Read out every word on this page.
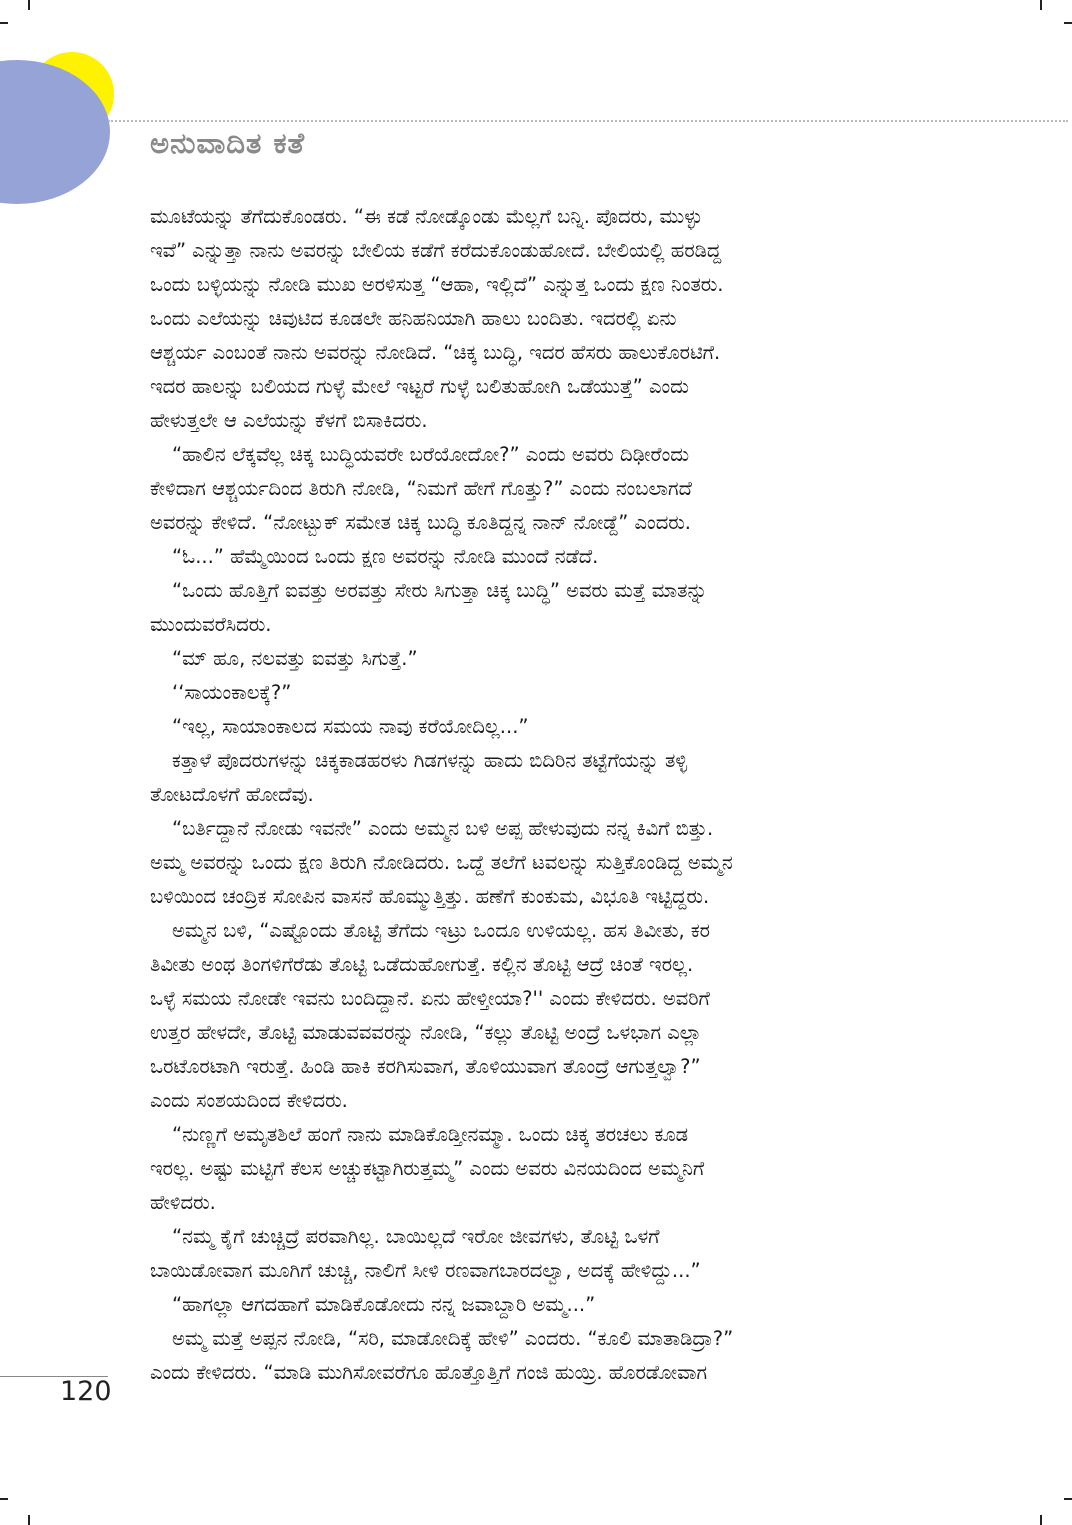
ಅನುವಾದಿತ ಕತೆ
ಮೂಟೆಯನ್ನು ತೆಗೆದುಕೊಂಡರು. “ಈ ಕಡೆ ನೋಡ್ಕೊಂಡು ಮೆಲ್ಲಗೆ ಬನ್ನಿ. ಪೊದರು, ಮುಳ್ಳು
ಇವೆ” ಎನ್ನುತ್ತಾ ನಾನು ಅವರನ್ನು ಬೇಲಿಯ ಕಡೆಗೆ ಕರೆದುಕೊಂಡುಹೋದೆ. ಬೇಲಿಯಲ್ಲಿ ಹರಡಿದ್ದ
ಒಂದು ಬಳ್ಳಿಯನ್ನು ನೋಡಿ ಮುಖ ಅರಳಿಸುತ್ತ “ಆಹಾ, ಇಲ್ಲಿದೆ” ಎನ್ನುತ್ತ ಒಂದು ಕ್ಷಣ ನಿಂತರು.
ಒಂದು ಎಲೆಯನ್ನು ಚಿವುಟಿದ ಕೂಡಲೇ ಹನಿಹನಿಯಾಗಿ ಹಾಲು ಬಂದಿತು. ಇದರಲ್ಲಿ ಏನು
ಆಶ್ಚರ್ಯ ಎಂಬಂತೆ ನಾನು ಅವರನ್ನು ನೋಡಿದೆ. “ಚಿಕ್ಕ ಬುದ್ಧಿ, ಇದರ ಹೆಸರು ಹಾಲುಕೊರಟಿಗೆ.
ಇದರ ಹಾಲನ್ನು ಬಲಿಯದ ಗುಳ್ಳೆ ಮೇಲೆ ಇಟ್ಟರೆ ಗುಳ್ಳೆ ಬಲಿತುಹೋಗಿ ಒಡೆಯುತ್ತೆ” ಎಂದು
ಹೇಳುತ್ತಲೇ ಆ ಎಲೆಯನ್ನು ಕೆಳಗೆ ಬಿಸಾಕಿದರು.
“ಹಾಲಿನ ಲೆಕ್ಕವೆಲ್ಲ ಚಿಕ್ಕ ಬುದ್ಧಿಯವರೇ ಬರೆಯೋದೋ?” ಎಂದು ಅವರು ದಿಢೀರೆಂದು
ಕೇಳಿದಾಗ ಆಶ್ಚರ್ಯದಿಂದ ತಿರುಗಿ ನೋಡಿ, “ನಿಮಗೆ ಹೇಗೆ ಗೊತ್ತು?” ಎಂದು ನಂಬಲಾಗದೆ
ಅವರನ್ನು ಕೇಳಿದೆ. “ನೋಟ್ಬುಕ್ ಸಮೇತ ಚಿಕ್ಕ ಬುದ್ಧಿ ಕೂತಿದ್ದನ್ನ ನಾನ್ ನೋಡ್ದೆ” ಎಂದರು.
“ಓ...” ಹೆಮ್ಮೆಯಿಂದ ಒಂದು ಕ್ಷಣ ಅವರನ್ನು ನೋಡಿ ಮುಂದೆ ನಡೆದೆ.
“ಒಂದು ಹೊತ್ತಿಗೆ ಐವತ್ತು ಅರವತ್ತು ಸೇರು ಸಿಗುತ್ತಾ ಚಿಕ್ಕ ಬುದ್ಧಿ” ಅವರು ಮತ್ತೆ ಮಾತನ್ನು
ಮುಂದುವರೆಸಿದರು.
“ಮ್ ಹೂ, ನಲವತ್ತು ಐವತ್ತು ಸಿಗುತ್ತೆ.”
‘‘ಸಾಯಂಕಾಲಕ್ಕೆ?”
“ಇಲ್ಲ, ಸಾಯಾಂಕಾಲದ ಸಮಯ ನಾವು ಕರೆಯೋದಿಲ್ಲ...”
ಕತ್ತಾಳೆ ಪೊದರುಗಳನ್ನು ಚಿಕ್ಕಕಾಡಹರಳು ಗಿಡಗಳನ್ನು ಹಾದು ಬಿದಿರಿನ ತಟ್ಟೆಗೆಯನ್ನು ತಳ್ಳಿ
ತೋಟದೊಳಗೆ ಹೋದೆವು.
“ಬರ್ತಿದ್ದಾನೆ ನೋಡು ಇವನೇ” ಎಂದು ಅಮ್ಮನ ಬಳಿ ಅಪ್ಪ ಹೇಳುವುದು ನನ್ನ ಕಿವಿಗೆ ಬಿತ್ತು.
ಅಮ್ಮ ಅವರನ್ನು ಒಂದು ಕ್ಷಣ ತಿರುಗಿ ನೋಡಿದರು. ಒದ್ದೆ ತಲೆಗೆ ಟವಲನ್ನು ಸುತ್ತಿಕೊಂಡಿದ್ದ ಅಮ್ಮನ
ಬಳಿಯಿಂದ ಚಂದ್ರಿಕ ಸೋಪಿನ ವಾಸನೆ ಹೊಮ್ಮುತ್ತಿತ್ತು. ಹಣೆಗೆ ಕುಂಕುಮ, ವಿಭೂತಿ ಇಟ್ಟಿದ್ದರು.
ಅಮ್ಮನ ಬಳಿ, “ಎಷ್ಟೊಂದು ತೊಟ್ಟಿ ತೆಗೆದು ಇಟ್ರು ಒಂದೂ ಉಳಿಯಲ್ಲ. ಹಸ ತಿವೀತು, ಕರ
ತಿವೀತು ಅಂಥ ತಿಂಗಳಿಗೆರೆಡು ತೊಟ್ಟಿ ಒಡೆದುಹೋಗುತ್ತೆ. ಕಲ್ಲಿನ ತೊಟ್ಟಿ ಆದ್ರೆ ಚಿಂತೆ ಇರಲ್ಲ.
ಒಳ್ಳೆ ಸಮಯ ನೋಡೇ ಇವನು ಬಂದಿದ್ದಾನೆ. ಏನು ಹೇಳ್ತೀಯಾ?'' ಎಂದು ಕೇಳಿದರು. ಅವರಿಗೆ
ಉತ್ತರ ಹೇಳದೇ, ತೊಟ್ಟಿ ಮಾಡುವವವರನ್ನು ನೋಡಿ, “ಕಲ್ಲು ತೊಟ್ಟಿ ಅಂದ್ರೆ ಒಳಭಾಗ ಎಲ್ಲಾ
ಒರಟೊರಟಾಗಿ ಇರುತ್ತೆ. ಹಿಂಡಿ ಹಾಕಿ ಕರಗಿಸುವಾಗ, ತೊಳಿಯುವಾಗ ತೊಂದ್ರೆ ಆಗುತ್ತಲ್ವಾ?”
ಎಂದು ಸಂಶಯದಿಂದ ಕೇಳಿದರು.
“ನುಣ್ಣಗೆ ಅಮೃತಶಿಲೆ ಹಂಗೆ ನಾನು ಮಾಡಿಕೊಡ್ತೀನಮ್ಮಾ. ಒಂದು ಚಿಕ್ಕ ತರಚಲು ಕೂಡ
ಇರಲ್ಲ. ಅಷ್ಟು ಮಟ್ಟಿಗೆ ಕೆಲಸ ಅಚ್ಚುಕಟ್ಟಾಗಿರುತ್ತಮ್ಮ” ಎಂದು ಅವರು ವಿನಯದಿಂದ ಅಮ್ಮನಿಗೆ
ಹೇಳಿದರು.
“ನಮ್ಮ ಕೈಗೆ ಚುಚ್ಚಿದ್ರೆ ಪರವಾಗಿಲ್ಲ. ಬಾಯಿಲ್ಲದೆ ಇರೋ ಜೀವಗಳು, ತೊಟ್ಟಿ ಒಳಗೆ
ಬಾಯಿಡೋವಾಗ ಮೂಗಿಗೆ ಚುಚ್ಚಿ, ನಾಲಿಗೆ ಸೀಳಿ ರಣವಾಗಬಾರದಲ್ವಾ, ಅದಕ್ಕೆ ಹೇಳಿದ್ದು...”
“ಹಾಗಲ್ಲಾ ಆಗದಹಾಗೆ ಮಾಡಿಕೊಡೋದು ನನ್ನ ಜವಾಬ್ದಾರಿ ಅಮ್ಮ...”
ಅಮ್ಮ ಮತ್ತೆ ಅಪ್ಪನ ನೋಡಿ, “ಸರಿ, ಮಾಡೋದಿಕ್ಕೆ ಹೇಳಿ” ಎಂದರು. “ಕೂಲಿ ಮಾತಾಡಿದ್ರಾ?”
ಎಂದು ಕೇಳಿದರು. “ಮಾಡಿ ಮುಗಿಸೋವರೆಗೂ ಹೊತ್ತೊತ್ತಿಗೆ ಗಂಜಿ ಹುಯ್ರಿ. ಹೊರಡೋವಾಗ
120
